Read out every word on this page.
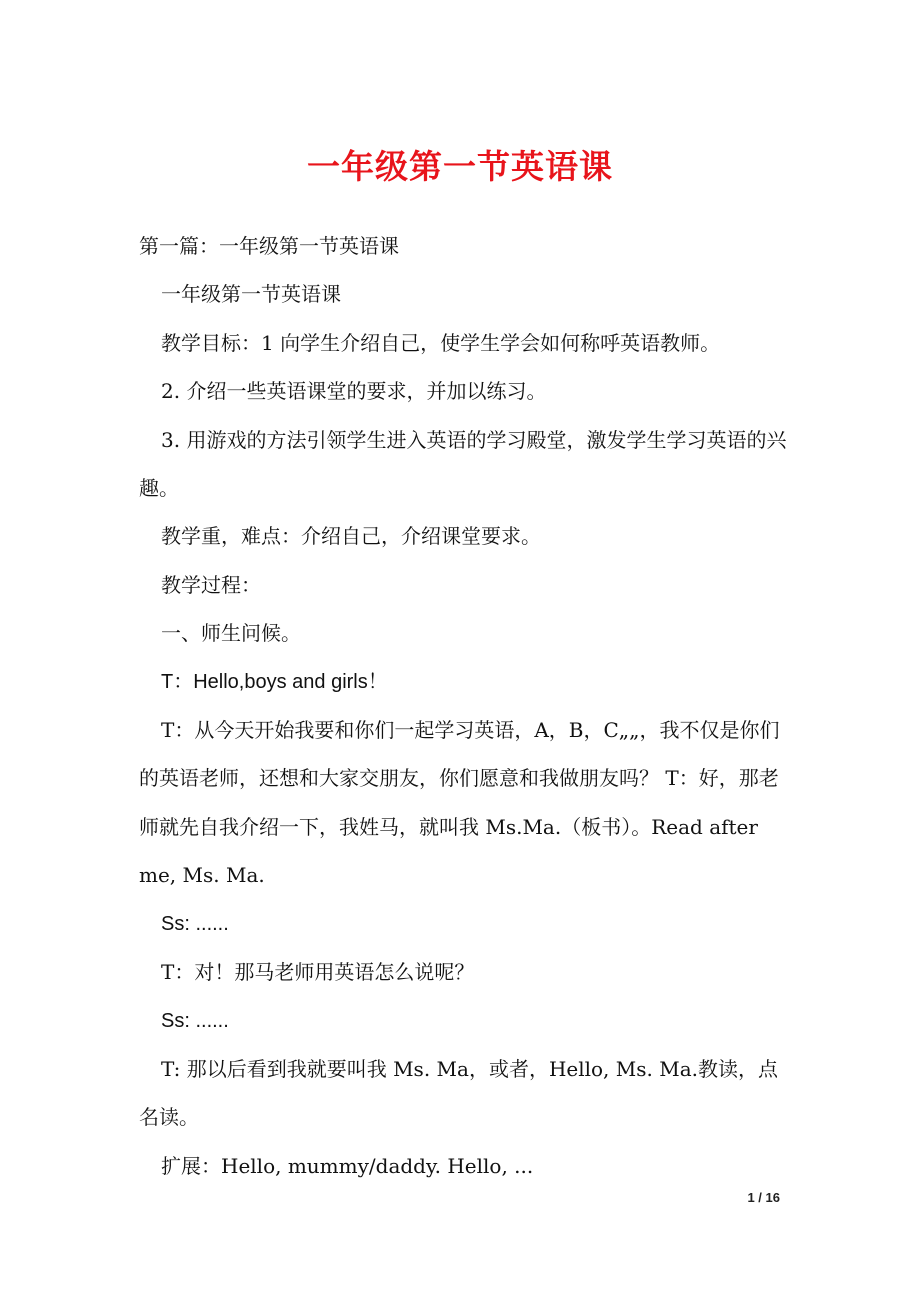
一年级第一节英语课

第一篇：一年级第一节英语课

一年级第一节英语课

教学目标：1 向学生介绍自己，使学生学会如何称呼英语教师。

2. 介绍一些英语课堂的要求，并加以练习。

3. 用游戏的方法引领学生进入英语的学习殿堂，激发学生学习英语的兴趣。

教学重，难点：介绍自己，介绍课堂要求。

教学过程：

一、师生问候。

T：Hello,boys and girls！

T：从今天开始我要和你们一起学习英语，A，B，C„„，我不仅是你们的英语老师，还想和大家交朋友，你们愿意和我做朋友吗？ T：好，那老师就先自我介绍一下，我姓马，就叫我 Ms.Ma.（板书）。Read after me, Ms. Ma.

Ss: ......

T：对！那马老师用英语怎么说呢？

Ss: ......

T: 那以后看到我就要叫我 Ms. Ma，或者，Hello, Ms. Ma.教读，点名读。

扩展：Hello, mummy/daddy. Hello, ...

1 / 16
